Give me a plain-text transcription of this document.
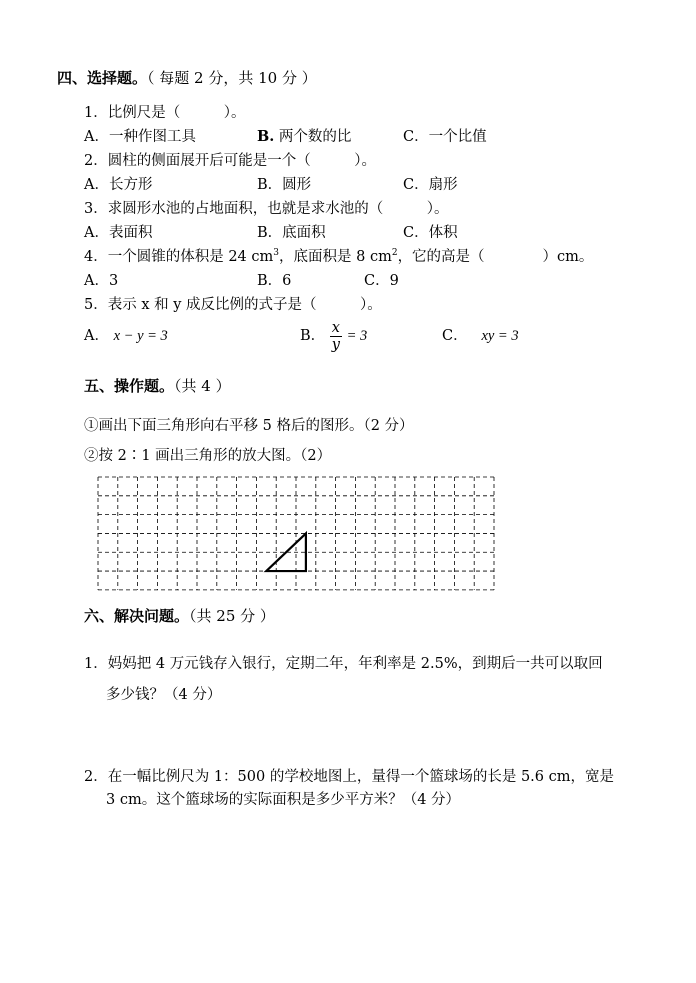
四、选择题。（ 每题 2 分，共 10 分 ）
1．比例尺是（　　　）。
A．一种作图工具	B. 两个数的比	C．一个比值
2．圆柱的侧面展开后可能是一个（　　　）。
A．长方形	B．圆形	C．扇形
3．求圆形水池的占地面积，也就是求水池的（　　　）。
A．表面积	B．底面积	C．体积
4．一个圆锥的体积是 24 $cm^3$，底面积是 8 $cm^2$，它的高是（　　　　）cm。
A．3	B．6	C．9
5．表示 x 和 y 成反比例的式子是（　　　）。
A． x − y = 3	B． $\frac{x}{y} = 3$	C． xy = 3
五、操作题。（共 4 ）
①画出下面三角形向右平移 5 格后的图形。（2 分）
②按 2∶1 画出三角形的放大图。（2）
六、解决问题。（共 25 分 ）
1．妈妈把 4 万元钱存入银行，定期二年，年利率是 2.5%，到期后一共可以取回
多少钱？（4 分）
2．在一幅比例尺为 1：500 的学校地图上，量得一个篮球场的长是 5.6 cm，宽是
3 cm。这个篮球场的实际面积是多少平方米？（4 分）
